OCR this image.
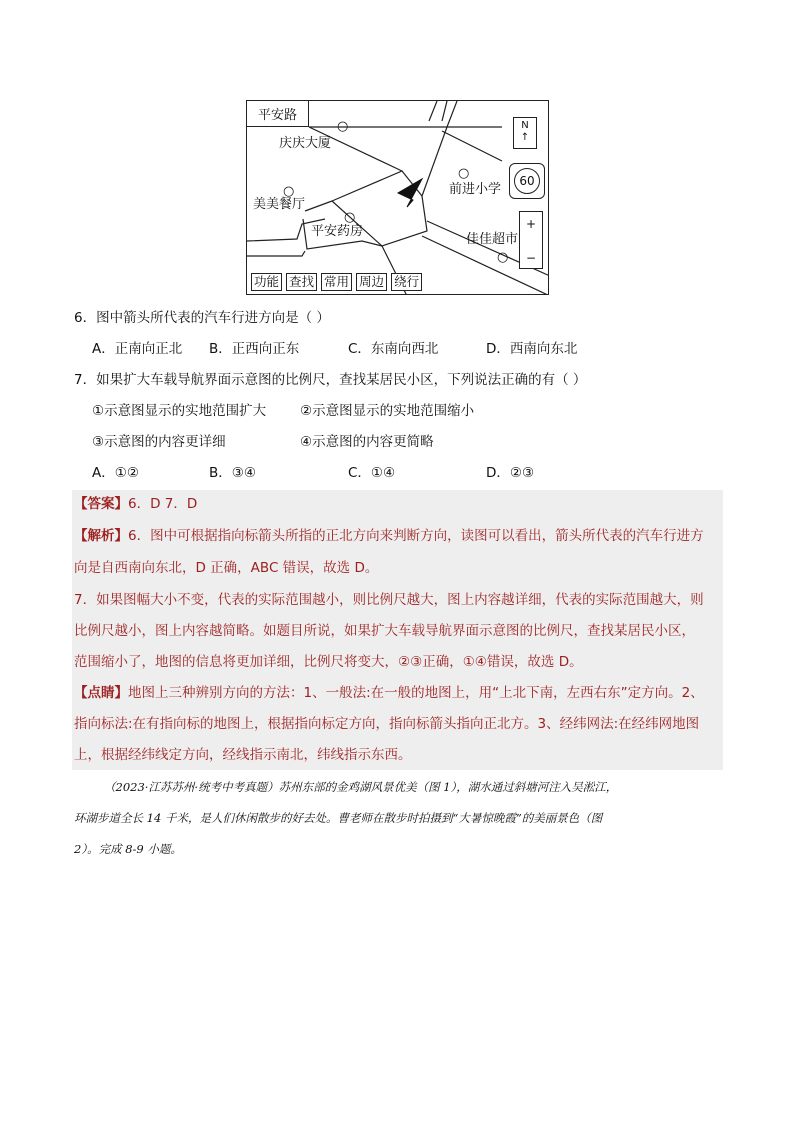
平安路
○
庆庆大厦
○
美美餐厅
○
平安药房
○
前进小学
佳佳超市
○
N
↑
60
+
−
功能 查找 常用 周边 绕行
6．图中箭头所代表的汽车行进方向是（ ）
A．正南向正北 B．正西向正东	C．东南向西北	D．西南向东北
7．如果扩大车载导航界面示意图的比例尺，查找某居民小区，下列说法正确的有（ ）
①示意图显示的实地范围扩大	②示意图显示的实地范围缩小
③示意图的内容更详细	④示意图的内容更简略
A．①②	B．③④	C．①④	D．②③
【答案】6．D 7．D
【解析】6．图中可根据指向标箭头所指的正北方向来判断方向，读图可以看出，箭头所代表的汽车行进方
向是自西南向东北，D 正确，ABC 错误，故选 D。
7．如果图幅大小不变，代表的实际范围越小，则比例尺越大，图上内容越详细，代表的实际范围越大，则
比例尺越小，图上内容越简略。如题目所说，如果扩大车载导航界面示意图的比例尺，查找某居民小区，
范围缩小了，地图的信息将更加详细，比例尺将变大，②③正确，①④错误，故选 D。
【点睛】地图上三种辨别方向的方法：1、一般法:在一般的地图上，用“上北下南，左西右东”定方向。2、
指向标法:在有指向标的地图上，根据指向标定方向，指向标箭头指向正北方。3、经纬网法:在经纬网地图
上，根据经纬线定方向，经线指示南北，纬线指示东西。
（2023·江苏苏州·统考中考真题）苏州东部的金鸡湖风景优美（图 1），湖水通过斜塘河注入吴淞江，
环湖步道全长 14 千米，是人们休闲散步的好去处。曹老师在散步时拍摄到“大暑惊晚霞”的美丽景色（图
2）。完成 8-9 小题。
